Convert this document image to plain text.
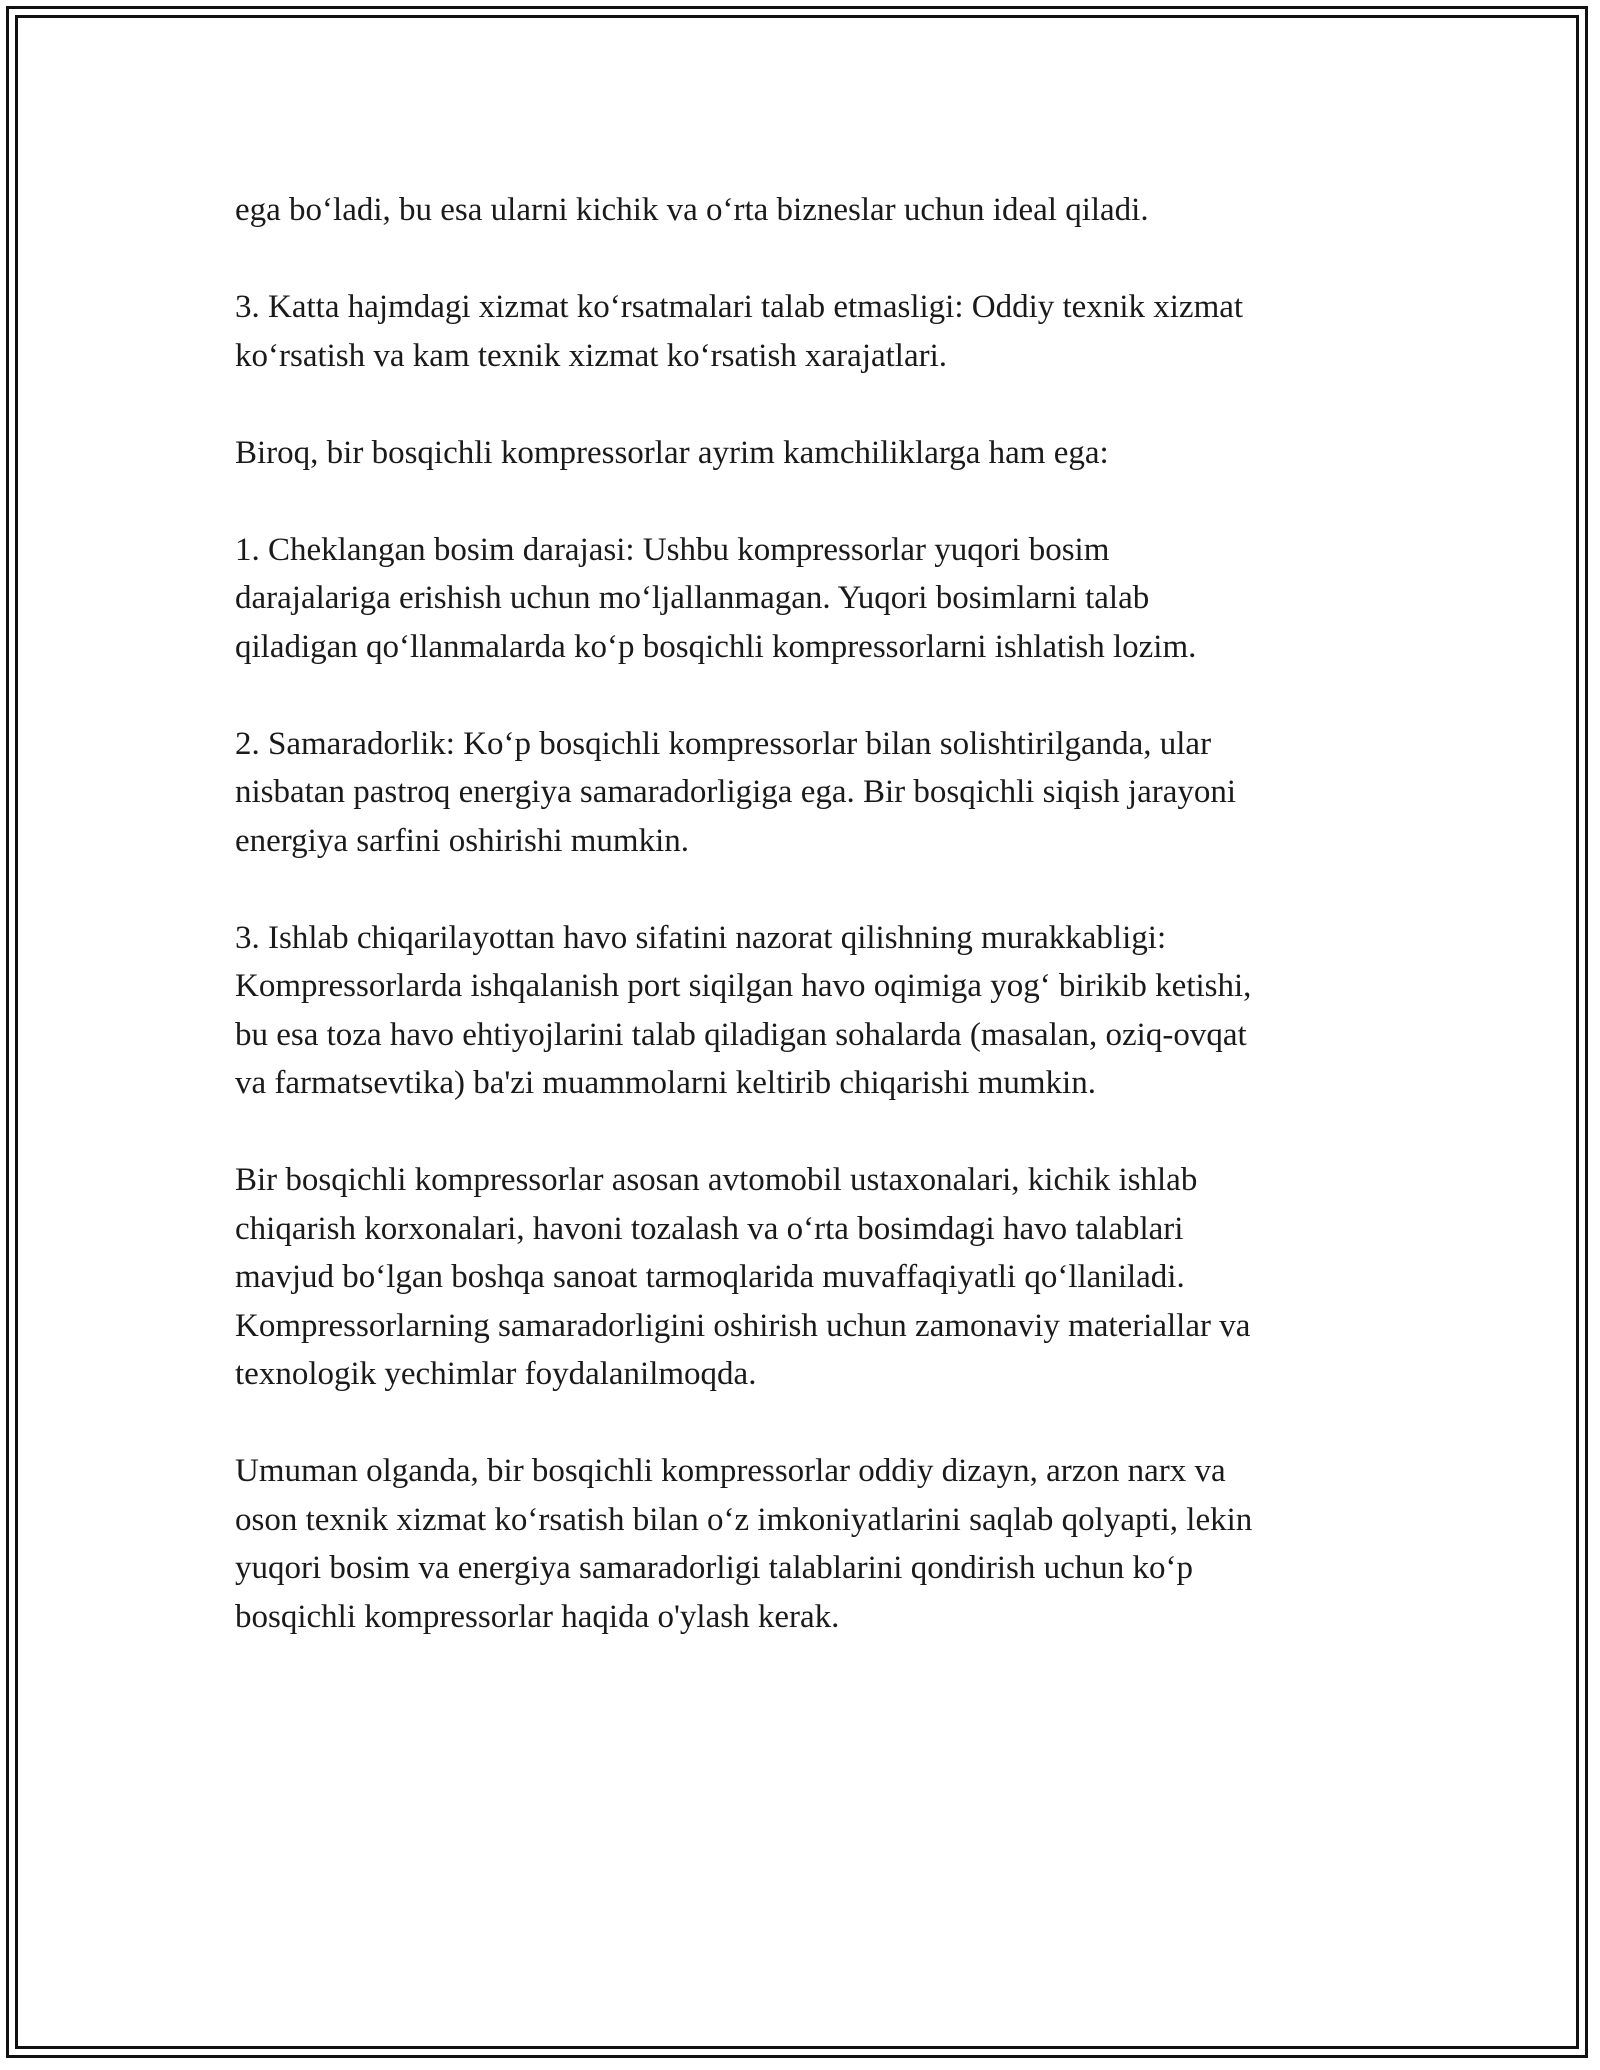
ega bo‘ladi, bu esa ularni kichik va o‘rta bizneslar uchun ideal qiladi.

3. Katta hajmdagi xizmat ko‘rsatmalari talab etmasligi: Oddiy texnik xizmat
ko‘rsatish va kam texnik xizmat ko‘rsatish xarajatlari.

Biroq, bir bosqichli kompressorlar ayrim kamchiliklarga ham ega:

1. Cheklangan bosim darajasi: Ushbu kompressorlar yuqori bosim
darajalariga erishish uchun mo‘ljallanmagan. Yuqori bosimlarni talab
qiladigan qo‘llanmalarda ko‘p bosqichli kompressorlarni ishlatish lozim.

2. Samaradorlik: Ko‘p bosqichli kompressorlar bilan solishtirilganda, ular
nisbatan pastroq energiya samaradorligiga ega. Bir bosqichli siqish jarayoni
energiya sarfini oshirishi mumkin.

3. Ishlab chiqarilayottan havo sifatini nazorat qilishning murakkabligi:
Kompressorlarda ishqalanish port siqilgan havo oqimiga yog‘ birikib ketishi,
bu esa toza havo ehtiyojlarini talab qiladigan sohalarda (masalan, oziq-ovqat
va farmatsevtika) ba'zi muammolarni keltirib chiqarishi mumkin.

Bir bosqichli kompressorlar asosan avtomobil ustaxonalari, kichik ishlab
chiqarish korxonalari, havoni tozalash va o‘rta bosimdagi havo talablari
mavjud bo‘lgan boshqa sanoat tarmoqlarida muvaffaqiyatli qo‘llaniladi.
Kompressorlarning samaradorligini oshirish uchun zamonaviy materiallar va
texnologik yechimlar foydalanilmoqda.

Umuman olganda, bir bosqichli kompressorlar oddiy dizayn, arzon narx va
oson texnik xizmat ko‘rsatish bilan o‘z imkoniyatlarini saqlab qolyapti, lekin
yuqori bosim va energiya samaradorligi talablarini qondirish uchun ko‘p
bosqichli kompressorlar haqida o'ylash kerak.
